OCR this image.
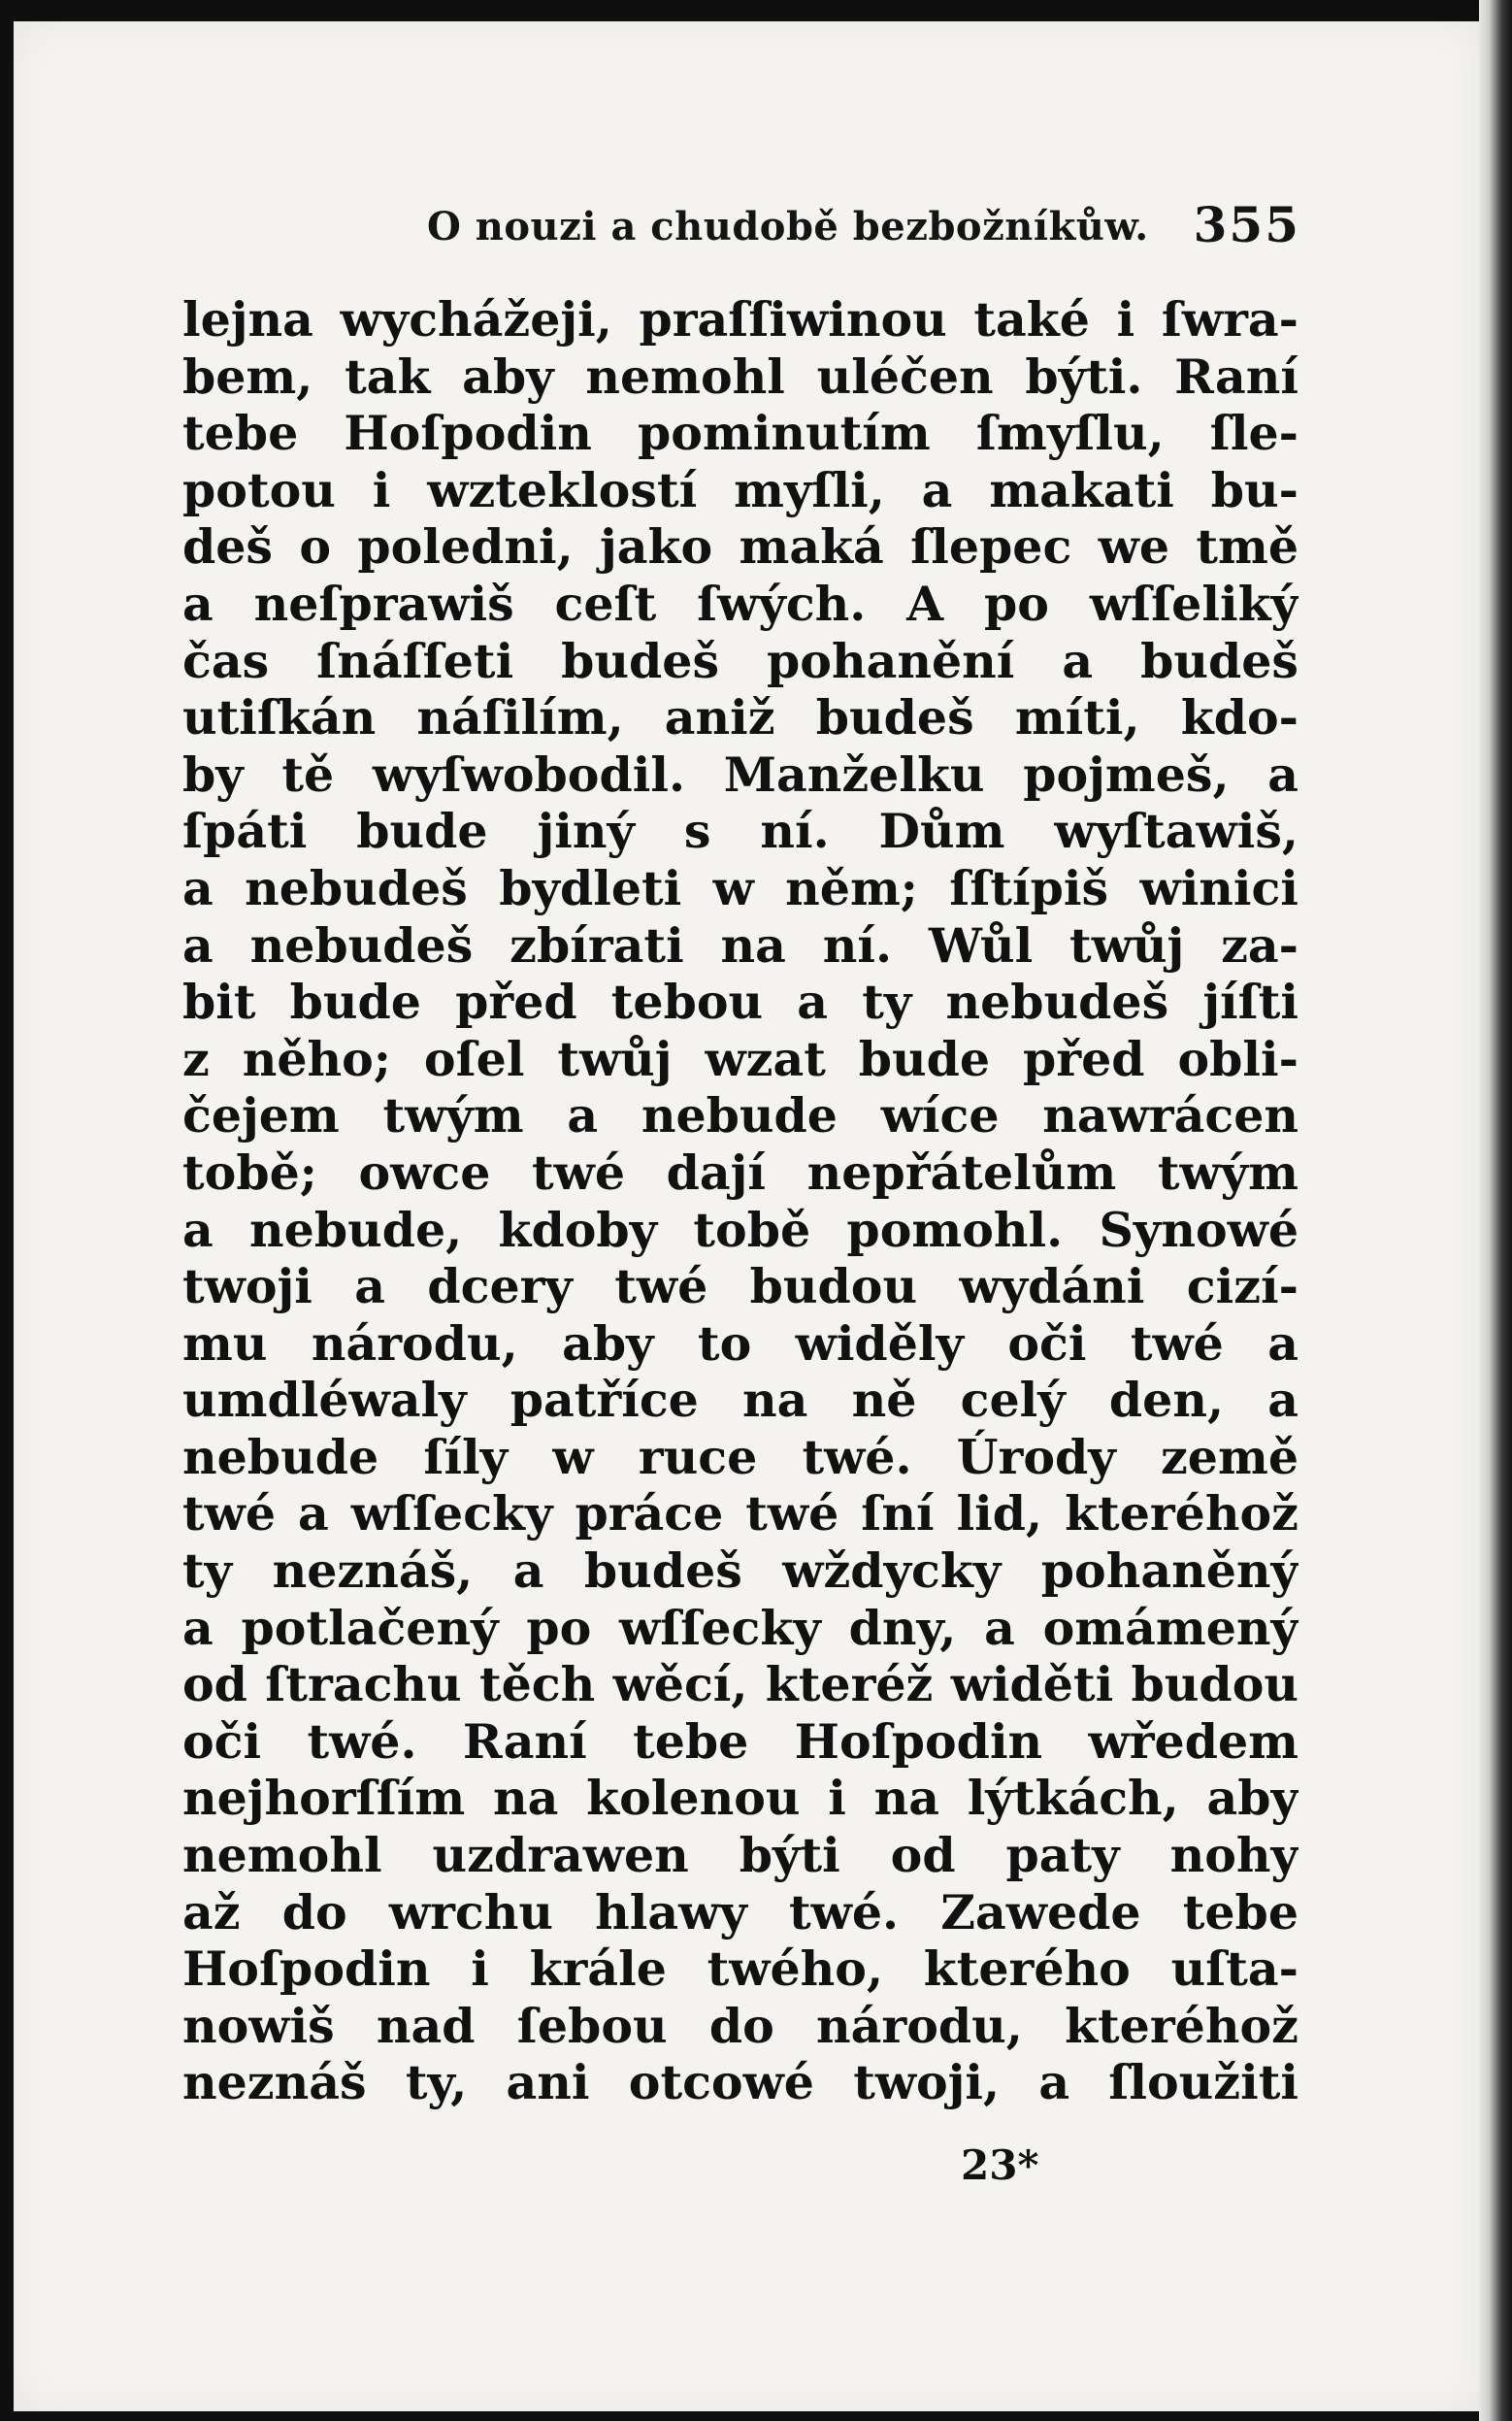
O nouzi a chudobě bezbožníkůw. 355
lejna wychážeji, praſſiwinou také i ſwra-
bem, tak aby nemohl uléčen býti. Raní
tebe Hoſpodin pominutím ſmyſlu, ſle-
potou i wzteklostí myſli, a makati bu-
deš o poledni, jako maká ſlepec we tmě
a neſprawiš ceſt ſwých. A po wſſeliký
čas ſnáſſeti budeš pohanění a budeš
utiſkán náſilím, aniž budeš míti, kdo-
by tě wyſwobodil. Manželku pojmeš, a
ſpáti bude jiný s ní. Dům wyſtawiš,
a nebudeš bydleti w něm; ſſtípiš winici
a nebudeš zbírati na ní. Wůl twůj za-
bit bude před tebou a ty nebudeš jíſti
z něho; oſel twůj wzat bude před obli-
čejem twým a nebude wíce nawrácen
tobě; owce twé dají nepřátelům twým
a nebude, kdoby tobě pomohl. Synowé
twoji a dcery twé budou wydáni cizí-
mu národu, aby to widěly oči twé a
umdléwaly patříce na ně celý den, a
nebude ſíly w ruce twé. Úrody země
twé a wſſecky práce twé ſní lid, kteréhož
ty neznáš, a budeš wždycky pohaněný
a potlačený po wſſecky dny, a omámený
od ſtrachu těch wěcí, kteréž widěti budou
oči twé. Raní tebe Hoſpodin wředem
nejhorſſím na kolenou i na lýtkách, aby
nemohl uzdrawen býti od paty nohy
až do wrchu hlawy twé. Zawede tebe
Hoſpodin i krále twého, kterého uſta-
nowiš nad ſebou do národu, kteréhož
neznáš ty, ani otcowé twoji, a ſloužiti
23*
